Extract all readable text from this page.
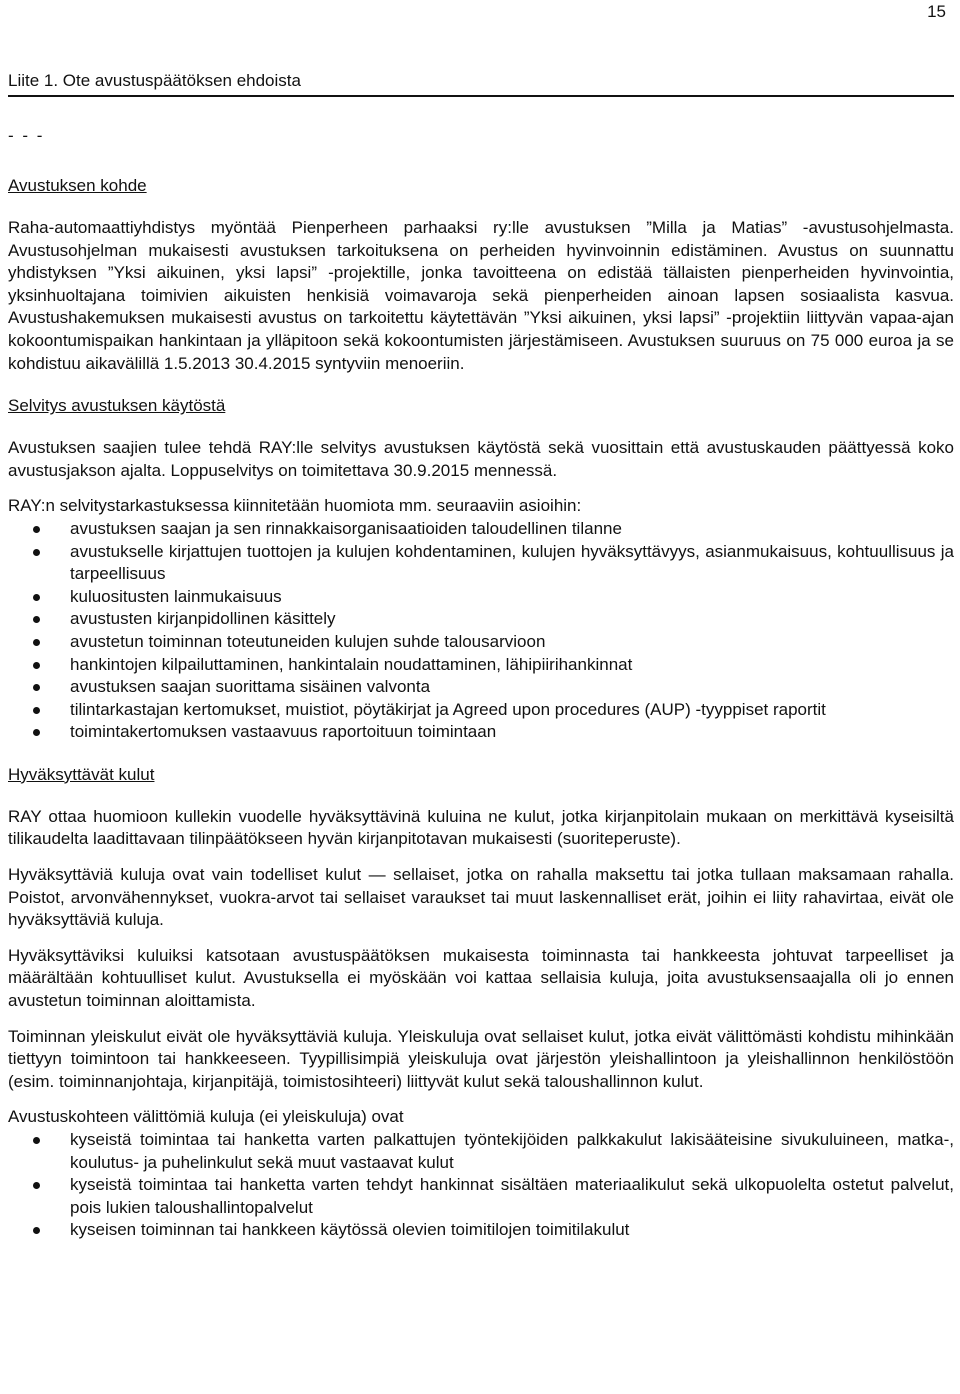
15
Liite 1. Ote avustuspäätöksen ehdoista
- - -
Avustuksen kohde

Raha-automaattiyhdistys myöntää Pienperheen parhaaksi ry:lle avustuksen ”Milla ja Matias” -avustusohjelmasta. Avustusohjelman mukaisesti avustuksen tarkoituksena on perheiden hyvinvoinnin edistäminen. Avustus on suunnattu yhdistyksen ”Yksi aikuinen, yksi lapsi” -projektille, jonka tavoitteena on edistää tällaisten pienperheiden hyvinvointia, yksinhuoltajana toimivien aikuisten henkisiä voimavaroja sekä pienperheiden ainoan lapsen sosiaalista kasvua. Avustushakemuksen mukaisesti avustus on tarkoitettu käytettävän ”Yksi aikuinen, yksi lapsi” -projektiin liittyvän vapaa-ajan kokoontumispaikan hankintaan ja ylläpitoon sekä kokoontumisten järjestämiseen. Avustuksen suuruus on 75 000 euroa ja se kohdistuu aikavälillä 1.5.2013 30.4.2015 syntyviin menoeriin.

Selvitys avustuksen käytöstä

Avustuksen saajien tulee tehdä RAY:lle selvitys avustuksen käytöstä sekä vuosittain että avustuskauden päättyessä koko avustusjakson ajalta. Loppuselvitys on toimitettava 30.9.2015 mennessä.

RAY:n selvitystarkastuksessa kiinnitetään huomiota mm. seuraaviin asioihin:

avustuksen saajan ja sen rinnakkaisorganisaatioiden taloudellinen tilanne
avustukselle kirjattujen tuottojen ja kulujen kohdentaminen, kulujen hyväksyttävyys, asianmukaisuus, kohtuullisuus ja tarpeellisuus
kuluositusten lainmukaisuus
avustusten kirjanpidollinen käsittely
avustetun toiminnan toteutuneiden kulujen suhde talousarvioon
hankintojen kilpailuttaminen, hankintalain noudattaminen, lähipiirihankinnat
avustuksen saajan suorittama sisäinen valvonta
tilintarkastajan kertomukset, muistiot, pöytäkirjat ja Agreed upon procedures (AUP) -tyyppiset raportit
toimintakertomuksen vastaavuus raportoituun toimintaan
Hyväksyttävät kulut

RAY ottaa huomioon kullekin vuodelle hyväksyttävinä kuluina ne kulut, jotka kirjanpitolain mukaan on merkittävä kyseisiltä tilikaudelta laadittavaan tilinpäätökseen hyvän kirjanpitotavan mukaisesti (suoriteperuste).

Hyväksyttäviä kuluja ovat vain todelliset kulut — sellaiset, jotka on rahalla maksettu tai jotka tullaan maksamaan rahalla. Poistot, arvonvähennykset, vuokra-arvot tai sellaiset varaukset tai muut laskennalliset erät, joihin ei liity rahavirtaa, eivät ole hyväksyttäviä kuluja.

Hyväksyttäviksi kuluiksi katsotaan avustuspäätöksen mukaisesta toiminnasta tai hankkeesta johtuvat tarpeelliset ja määrältään kohtuulliset kulut. Avustuksella ei myöskään voi kattaa sellaisia kuluja, joita avustuksensaajalla oli jo ennen avustetun toiminnan aloittamista.

Toiminnan yleiskulut eivät ole hyväksyttäviä kuluja. Yleiskuluja ovat sellaiset kulut, jotka eivät välittömästi kohdistu mihinkään tiettyyn toimintoon tai hankkeeseen. Tyypillisimpiä yleiskuluja ovat järjestön yleishallintoon ja yleishallinnon henkilöstöön (esim. toiminnanjohtaja, kirjanpitäjä, toimistosihteeri) liittyvät kulut sekä taloushallinnon kulut.

Avustuskohteen välittömiä kuluja (ei yleiskuluja) ovat

kyseistä toimintaa tai hanketta varten palkattujen työntekijöiden palkkakulut lakisääteisine sivukuluineen, matka-, koulutus- ja puhelinkulut sekä muut vastaavat kulut
kyseistä toimintaa tai hanketta varten tehdyt hankinnat sisältäen materiaalikulut sekä ulkopuolelta ostetut palvelut, pois lukien taloushallintopalvelut
kyseisen toiminnan tai hankkeen käytössä olevien toimitilojen toimitilakulut
